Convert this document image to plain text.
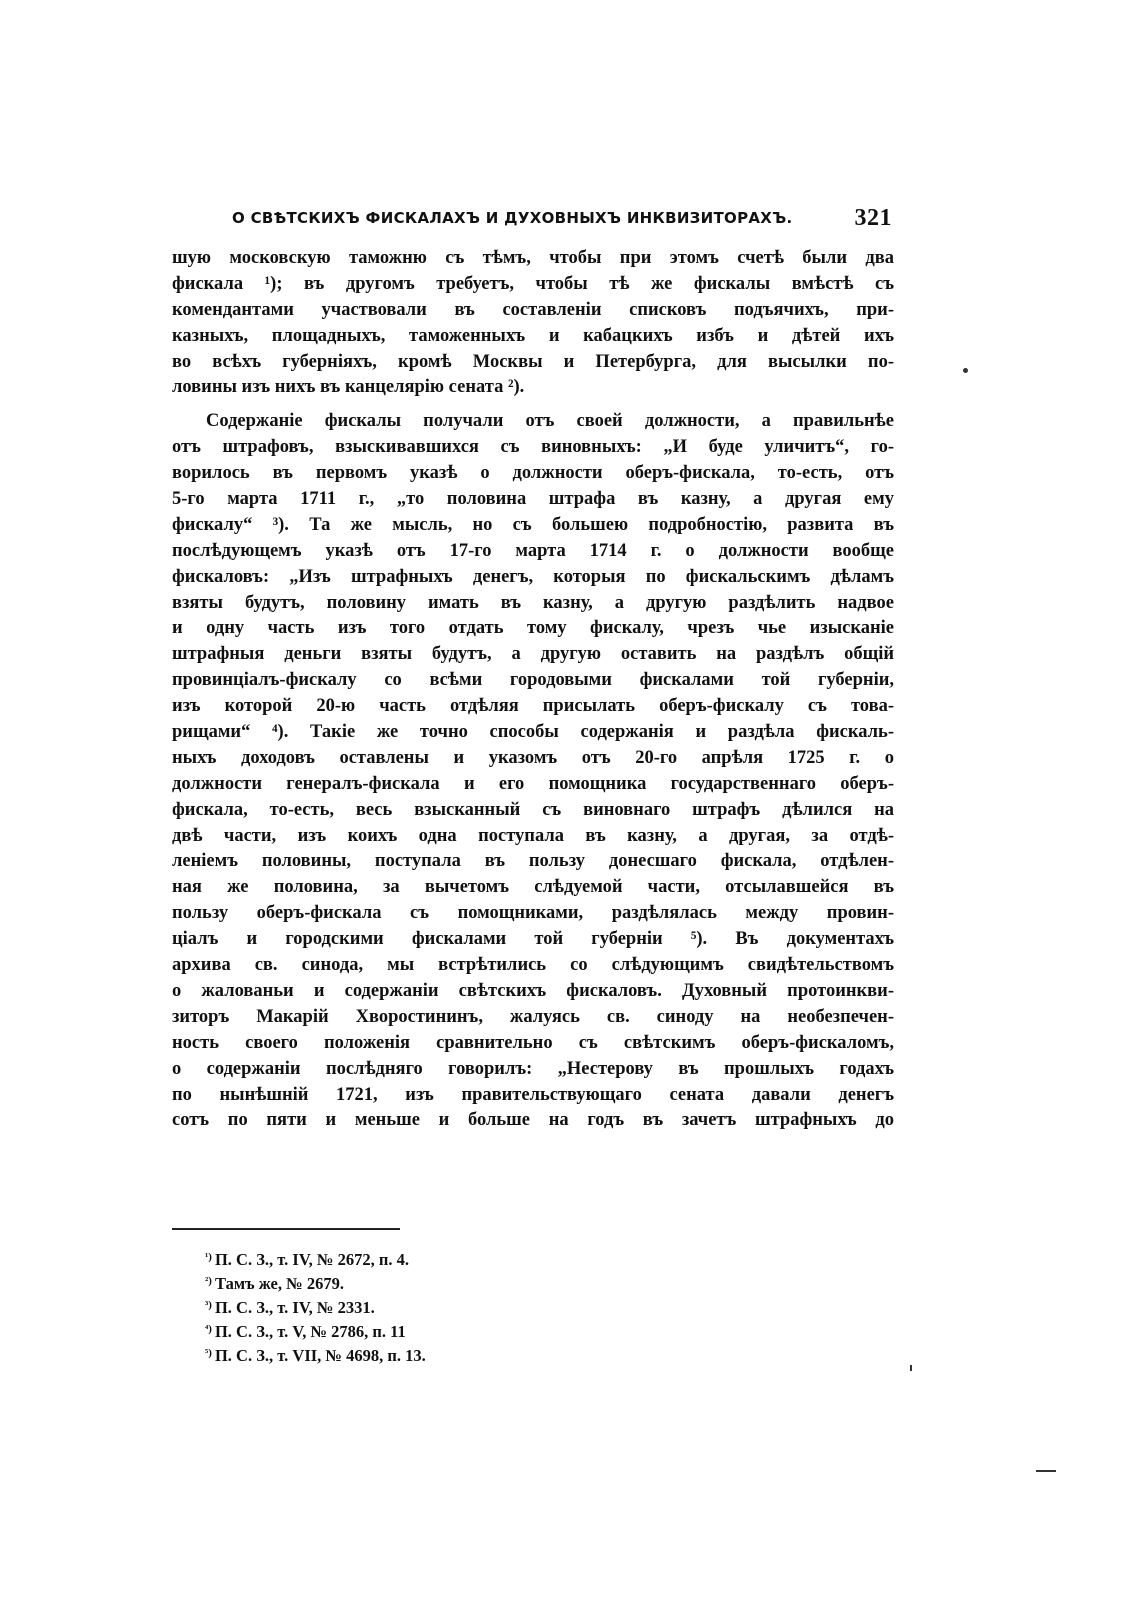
О СВѢТСКИХЪ ФИСКАЛАХЪ И ДУХОВНЫХЪ ИНКВИЗИТОРАХЪ.	321
шую московскую таможню съ тѣмъ, чтобы при этомъ счетѣ были два
фискала ¹); въ другомъ требуетъ, чтобы тѣ же фискалы вмѣстѣ съ
комендантами участвовали въ составленіи списковъ подъячихъ, при-
казныхъ, площадныхъ, таможенныхъ и кабацкихъ избъ и дѣтей ихъ
во всѣхъ губерніяхъ, кромѣ Москвы и Петербурга, для высылки по-
ловины изъ нихъ въ канцелярію сената ²).
Содержаніе фискалы получали отъ своей должности, а правильнѣе
отъ штрафовъ, взыскивавшихся съ виновныхъ: „И буде уличитъ“, го-
ворилось въ первомъ указѣ о должности оберъ-фискала, то-есть, отъ
5-го марта 1711 г., „то половина штрафа въ казну, а другая ему
фискалу“ ³). Та же мысль, но съ большею подробностію, развита въ
послѣдующемъ указѣ отъ 17-го марта 1714 г. о должности вообще
фискаловъ: „Изъ штрафныхъ денегъ, которыя по фискальскимъ дѣламъ
взяты будутъ, половину имать въ казну, а другую раздѣлить надвое
и одну часть изъ того отдать тому фискалу, чрезъ чье изысканіе
штрафныя деньги взяты будутъ, а другую оставить на раздѣлъ общій
провинціалъ-фискалу со всѣми городовыми фискалами той губерніи,
изъ которой 20-ю часть отдѣляя присылать оберъ-фискалу съ това-
рищами“ ⁴). Такіе же точно способы содержанія и раздѣла фискаль-
ныхъ доходовъ оставлены и указомъ отъ 20-го апрѣля 1725 г. о
должности генералъ-фискала и его помощника государственнаго оберъ-
фискала, то-есть, весь взысканный съ виновнаго штрафъ дѣлился на
двѣ части, изъ коихъ одна поступала въ казну, а другая, за отдѣ-
леніемъ половины, поступала въ пользу донесшаго фискала, отдѣлен-
ная же половина, за вычетомъ слѣдуемой части, отсылавшейся въ
пользу оберъ-фискала съ помощниками, раздѣлялась между провин-
ціалъ и городскими фискалами той губерніи ⁵). Въ документахъ
архива св. синода, мы встрѣтились со слѣдующимъ свидѣтельствомъ
о жалованьи и содержаніи свѣтскихъ фискаловъ. Духовный протоинкви-
зиторъ Макарій Хворостининъ, жалуясь св. синоду на необезпечен-
ность своего положенія сравнительно съ свѣтскимъ оберъ-фискаломъ,
о содержаніи послѣдняго говорилъ: „Нестерову въ прошлыхъ годахъ
по нынѣшній 1721, изъ правительствующаго сената давали денегъ
сотъ по пяти и меньше и больше на годъ въ зачетъ штрафныхъ до
$^{^1)}$ П. С. З., т. IV, № 2672, п. 4.
$^{^2)}$ Тамъ же, № 2679.
$^{^3)}$ П. С. З., т. IV, № 2331.
$^{^4)}$ П. С. З., т. V, № 2786, п. 11
$^{^5)}$ П. С. З., т. VII, № 4698, п. 13.
